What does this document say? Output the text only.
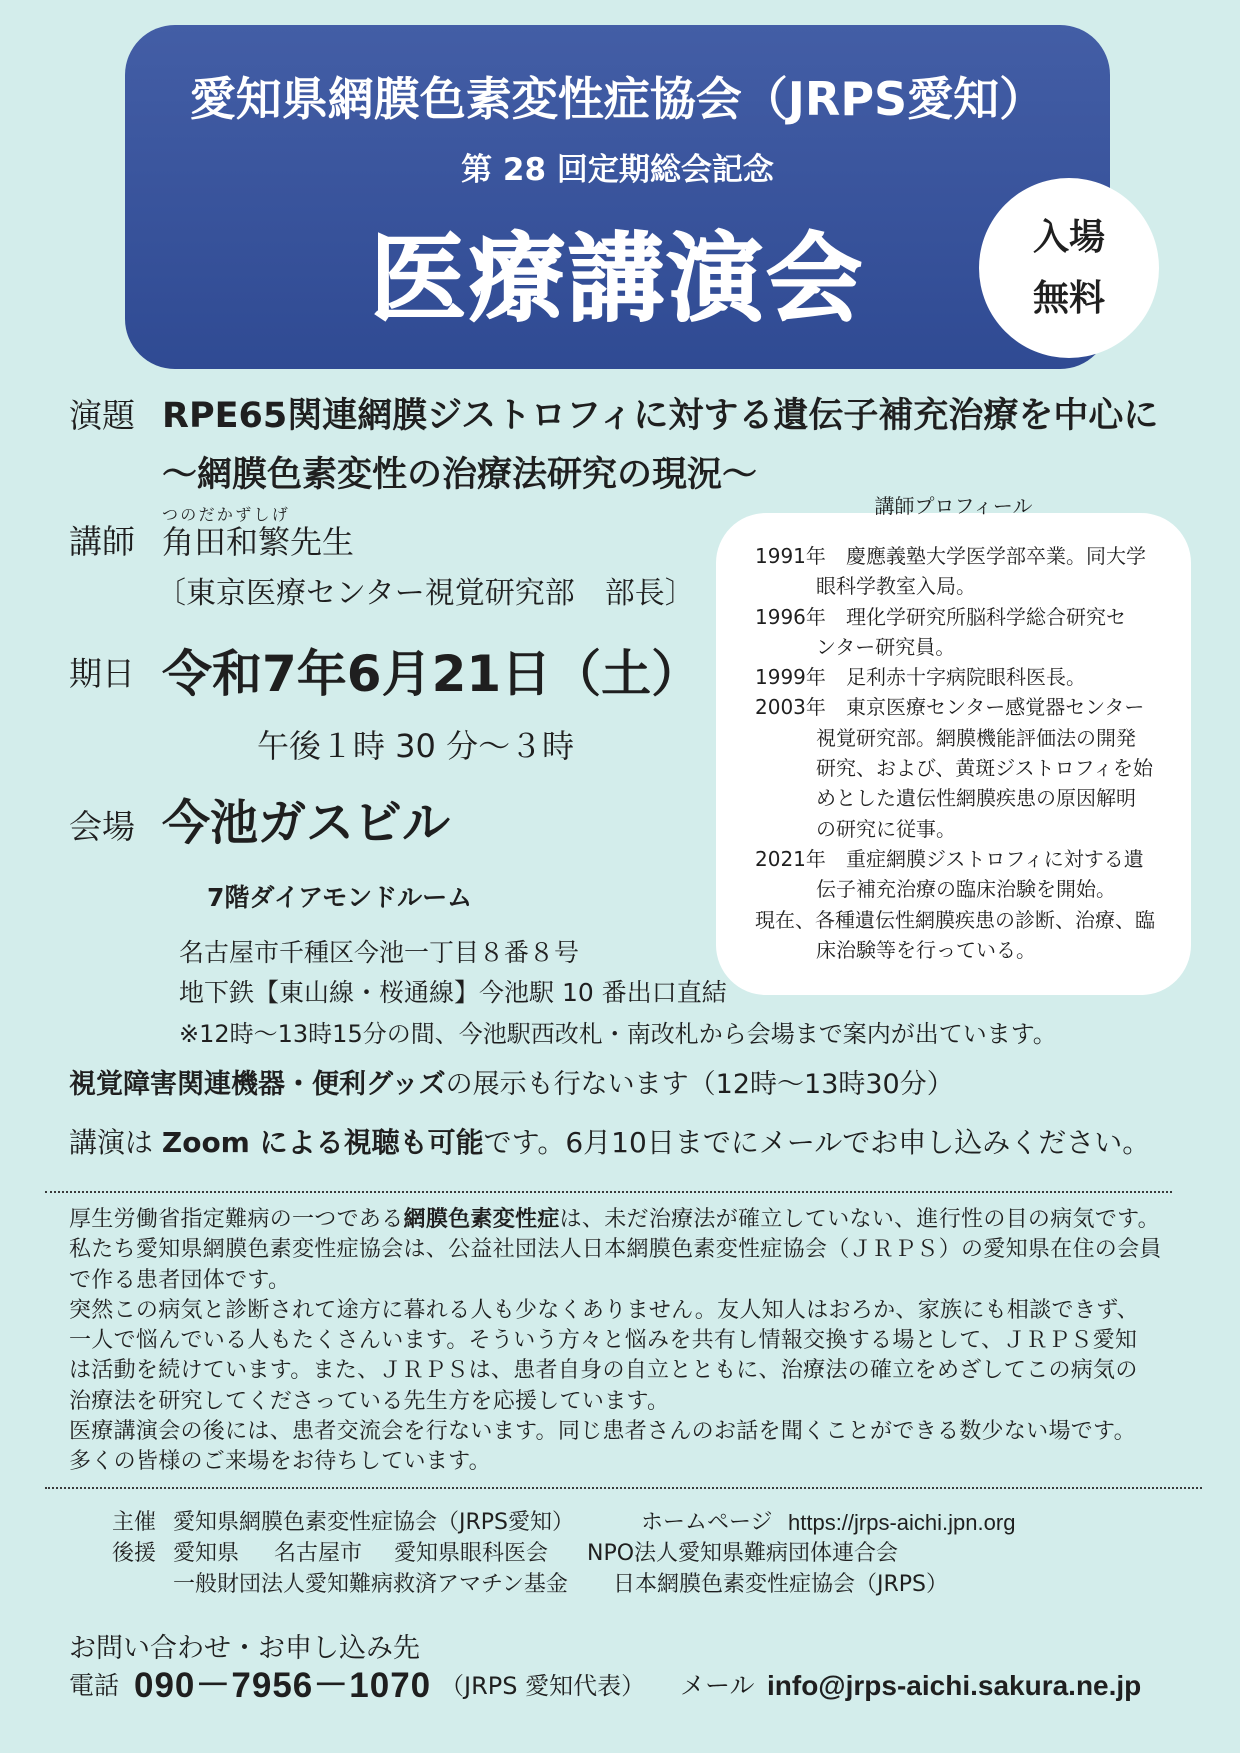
愛知県網膜色素変性症協会（JRPS愛知）
第 28 回定期総会記念
医療講演会	入場
無料
演題 RPE65関連網膜ジストロフィに対する遺伝子補充治療を中心に
～網膜色素変性の治療法研究の現況～
つのだかずしげ
講師 角田和繁先生
〔東京医療センター視覚研究部　部長〕
期日 令和7年6月21日（土）
午後１時 30 分～３時
会場 今池ガスビル
7階ダイアモンドルーム
名古屋市千種区今池一丁目８番８号
地下鉄【東山線・桜通線】今池駅 10 番出口直結
※12時～13時15分の間、今池駅西改札・南改札から会場まで案内が出ています。
講師プロフィール
1991年 慶應義塾大学医学部卒業。同大学
眼科学教室入局。
1996年 理化学研究所脳科学総合研究セ
ンター研究員。
1999年 足利赤十字病院眼科医長。
2003年 東京医療センター感覚器センター
視覚研究部。網膜機能評価法の開発
研究、および、黄斑ジストロフィを始
めとした遺伝性網膜疾患の原因解明
の研究に従事。
2021年 重症網膜ジストロフィに対する遺
伝子補充治療の臨床治験を開始。
現在、各種遺伝性網膜疾患の診断、治療、臨
床治験等を行っている。
視覚障害関連機器・便利グッズの展示も行ないます（12時～13時30分）
講演は Zoom による視聴も可能です。6月10日までにメールでお申し込みください。
厚生労働省指定難病の一つである網膜色素変性症は、未だ治療法が確立していない、進行性の目の病気です。
私たち愛知県網膜色素変性症協会は、公益社団法人日本網膜色素変性症協会（ＪＲＰＳ）の愛知県在住の会員
で作る患者団体です。
突然この病気と診断されて途方に暮れる人も少なくありません。友人知人はおろか、家族にも相談できず、
一人で悩んでいる人もたくさんいます。そういう方々と悩みを共有し情報交換する場として、ＪＲＰＳ愛知
は活動を続けています。また、ＪＲＰＳは、患者自身の自立とともに、治療法の確立をめざしてこの病気の
治療法を研究してくださっている先生方を応援しています。
医療講演会の後には、患者交流会を行ないます。同じ患者さんのお話を聞くことができる数少ない場です。
多くの皆様のご来場をお待ちしています。
主催 愛知県網膜色素変性症協会（JRPS愛知）	ホームページ https://jrps-aichi.jpn.org
後援 愛知県 名古屋市 愛知県眼科医会 NPO法人愛知県難病団体連合会
一般財団法人愛知難病救済アマチン基金 日本網膜色素変性症協会（JRPS）
お問い合わせ・お申し込み先
電話 090－7956－1070 （JRPS 愛知代表） メール info@jrps-aichi.sakura.ne.jp
